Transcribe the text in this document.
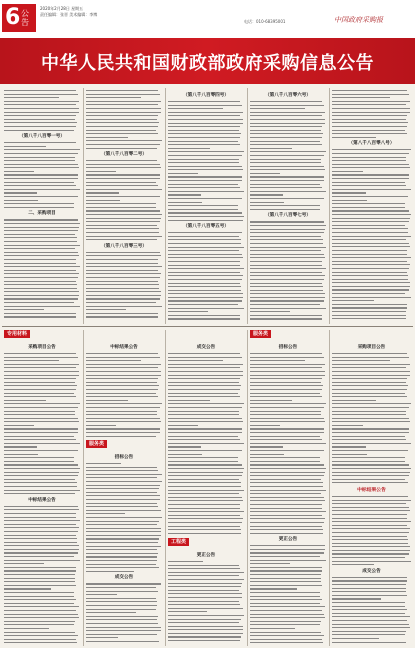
6 公告
2020年2月28日 星期五
责任编辑：张晋 美术编辑：李博
电话：010-68395001	中国政府采购报
中华人民共和国财政部政府采购信息公告
（第八千八百零一号）
二、采购项目
（第八千八百零二号）
（第八千八百零三号）
（第八千八百零四号）
（第八千八百零五号）
（第八千八百零六号）
（第八千八百零七号）
（第八千八百零八号）
专用材料
服务类
工程类
服务类
采购项目公告
中标结果公告
中标结果公告
招标公告
成交公告
成交公告
更正公告
招标公告
更正公告
采购项目公告
中标结果公告
成交公告
